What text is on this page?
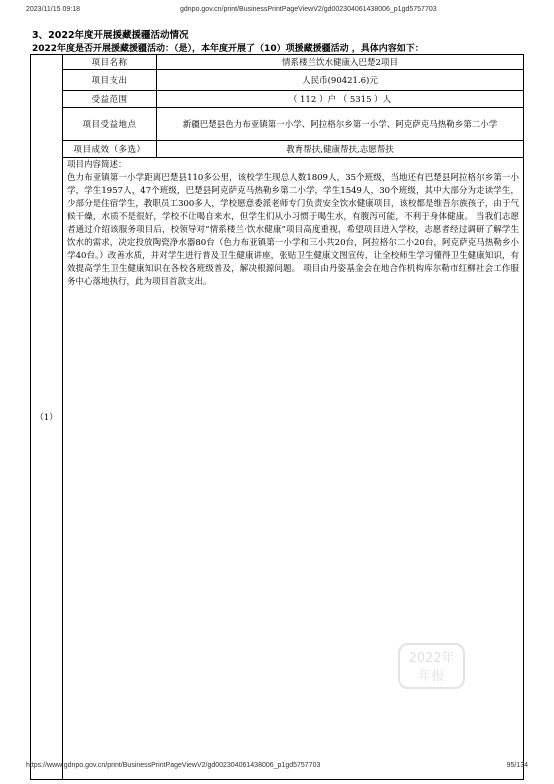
2023/11/15 09:18	gdnpo.gov.cn/print/BusinessPrintPageViewV2/gd002304061438006_p1gd5757703
3、2022年度开展援藏援疆活动情况
2022年度是否开展援藏援疆活动：（是），本年度开展了（10）项援藏援疆活动 ，具体内容如下：
（1）	项目名称	情系楼兰饮水健康入巴楚2项目
	项目支出	人民币(90421.6)元
	受益范围	（ 112 ）户 （ 5315 ）人
	项目受益地点	新疆巴楚县色力布亚镇第一小学、阿拉格尔乡第一小学、阿克萨克马热勒乡第二小学
	项目成效（多选）	教育帮扶,健康帮扶,志愿帮扶

	项目内容简述：
色力布亚镇第一小学距离巴楚县110多公里，该校学生现总人数1809人，35个班级，当地还有巴楚县阿拉格尔乡第一小学，学生1957人，47个班级，巴楚县阿克萨克马热勒乡第二小学，学生1549人，30个班级，其中大部分为走读学生，少部分是住宿学生，教职员工300多人，学校愿意委派老师专门负责安全饮水健康项目，该校都是维吾尔族孩子，由于气候干燥，水质不是很好，学校不让喝自来水，但学生们从小习惯于喝生水，有腹泻可能，不利于身体健康。 当我们志愿者通过介绍该服务项目后，校领导对“情系楼兰·饮水健康”项目高度重视，希望项目进入学校，志愿者经过调研了解学生饮水的需求，决定投放陶瓷净水器80台（色力布亚镇第一小学和三小共20台，阿拉格尔二小20台，阿克萨克马热勒乡小学40台。）改善水质，并对学生进行普及卫生健康讲座，张贴卫生健康文图宣传，让全校师生学习懂得卫生健康知识，有效提高学生卫生健康知识在各校各班级普及，解决根源问题。 项目由丹姿基金会在地合作机构库尔勒市红柳社会工作服务中心落地执行，此为项目首款支出。	
2022年
年报
https://www.gdnpo.gov.cn/print/BusinessPrintPageViewV2/gd002304061438006_p1gd5757703	95/134
